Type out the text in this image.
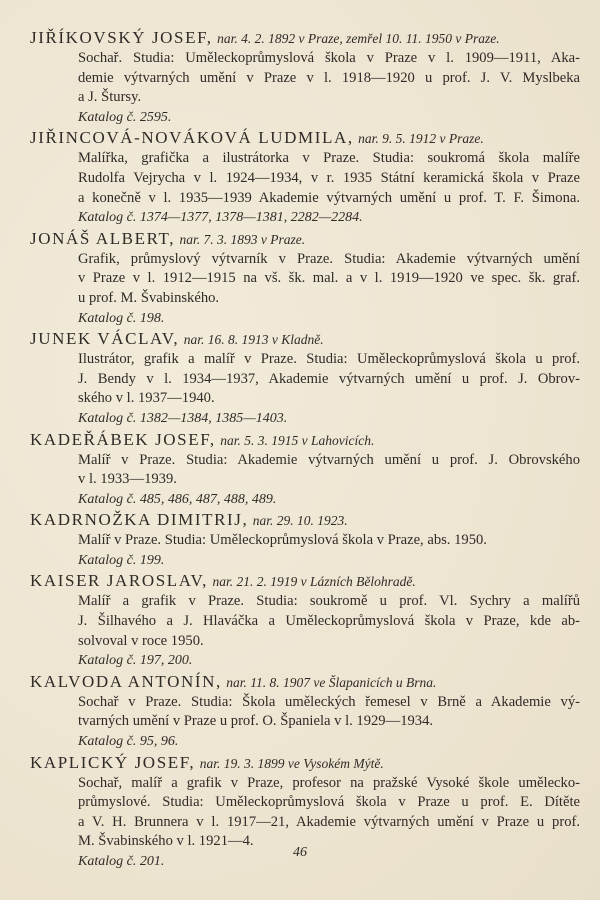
JIŘÍKOVSKÝ JOSEF, nar. 4. 2. 1892 v Praze, zemřel 10. 11. 1950 v Praze.
Sochař. Studia: Uměleckoprůmyslová škola v Praze v l. 1909—1911, Aka-
demie výtvarných umění v Praze v l. 1918—1920 u prof. J. V. Myslbeka
a J. Štursy.
Katalog č. 2595.
JIŘINCOVÁ-NOVÁKOVÁ LUDMILA, nar. 9. 5. 1912 v Praze.
Malířka, grafička a ilustrátorka v Praze. Studia: soukromá škola malíře
Rudolfa Vejrycha v l. 1924—1934, v r. 1935 Státní keramická škola v Praze
a konečně v l. 1935—1939 Akademie výtvarných umění u prof. T. F. Šimona.
Katalog č. 1374—1377, 1378—1381, 2282—2284.
JONÁŠ ALBERT, nar. 7. 3. 1893 v Praze.
Grafik, průmyslový výtvarník v Praze. Studia: Akademie výtvarných umění
v Praze v l. 1912—1915 na vš. šk. mal. a v l. 1919—1920 ve spec. šk. graf.
u prof. M. Švabinského.
Katalog č. 198.
JUNEK VÁCLAV, nar. 16. 8. 1913 v Kladně.
Ilustrátor, grafik a malíř v Praze. Studia: Uměleckoprůmyslová škola u prof.
J. Bendy v l. 1934—1937, Akademie výtvarných umění u prof. J. Obrov-
ského v l. 1937—1940.
Katalog č. 1382—1384, 1385—1403.
KADEŘÁBEK JOSEF, nar. 5. 3. 1915 v Lahovicích.
Malíř v Praze. Studia: Akademie výtvarných umění u prof. J. Obrovského
v l. 1933—1939.
Katalog č. 485, 486, 487, 488, 489.
KADRNOŽKA DIMITRIJ, nar. 29. 10. 1923.
Malíř v Praze. Studia: Uměleckoprůmyslová škola v Praze, abs. 1950.
Katalog č. 199.
KAISER JAROSLAV, nar. 21. 2. 1919 v Lázních Bělohradě.
Malíř a grafik v Praze. Studia: soukromě u prof. Vl. Sychry a malířů
J. Šilhavého a J. Hlaváčka a Uměleckoprůmyslová škola v Praze, kde ab-
solvoval v roce 1950.
Katalog č. 197, 200.
KALVODA ANTONÍN, nar. 11. 8. 1907 ve Šlapanicích u Brna.
Sochař v Praze. Studia: Škola uměleckých řemesel v Brně a Akademie vý-
tvarných umění v Praze u prof. O. Španiela v l. 1929—1934.
Katalog č. 95, 96.
KAPLICKÝ JOSEF, nar. 19. 3. 1899 ve Vysokém Mýtě.
Sochař, malíř a grafik v Praze, profesor na pražské Vysoké škole umělecko-
průmyslové. Studia: Uměleckoprůmyslová škola v Praze u prof. E. Dítěte
a V. H. Brunnera v l. 1917—21, Akademie výtvarných umění v Praze u prof.
M. Švabinského v l. 1921—4.
Katalog č. 201.
46
